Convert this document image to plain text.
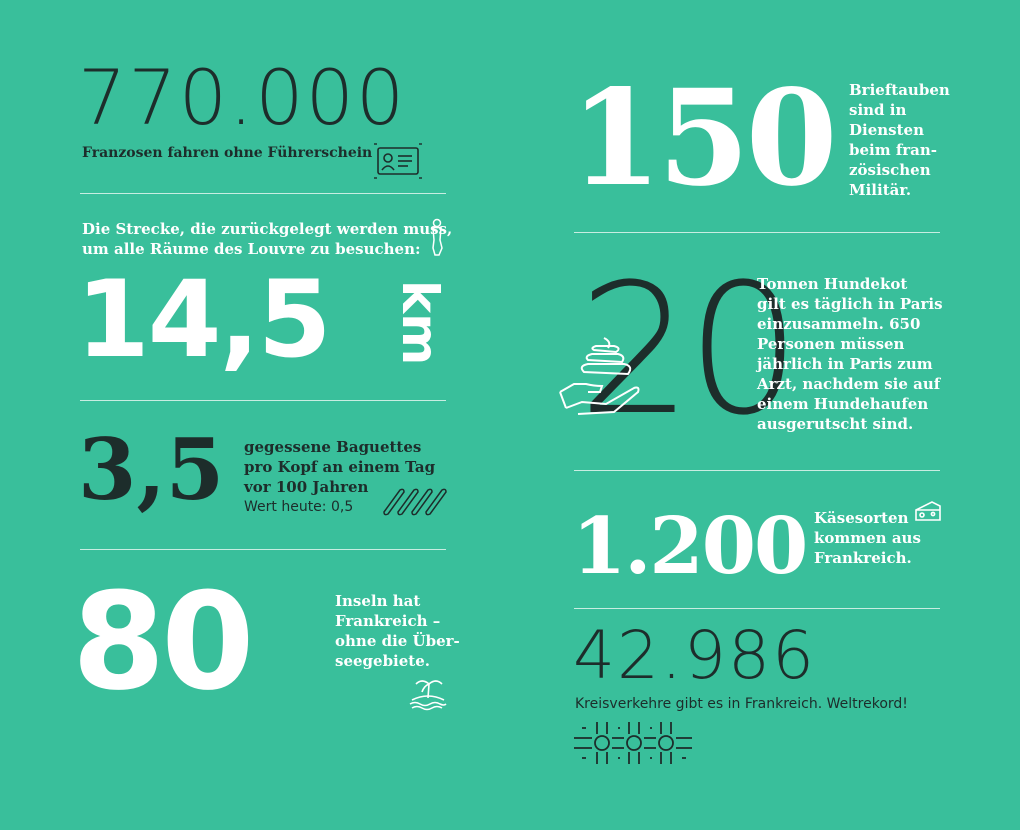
770.000
Franzosen fahren ohne Führerschein
Die Strecke, die zurückgelegt werden muss,
um alle Räume des Louvre zu besuchen:
14,5 km
3,5 gegessene Baguettes
pro Kopf an einem Tag
vor 100 Jahren
Wert heute: 0,5
80	Inseln hat
Frankreich –
ohne die Über-
seegebiete.
150 Brieftauben
sind in
Diensten
beim fran-
zösischen
Militär.
20
Tonnen Hundekot
gilt es täglich in Paris
einzusammeln. 650
Personen müssen
jährlich in Paris zum
Arzt, nachdem sie auf
einem Hundehaufen
ausgerutscht sind.
1.200 Käsesorten
kommen aus
Frankreich.
42.986
Kreisverkehre gibt es in Frankreich. Weltrekord!
